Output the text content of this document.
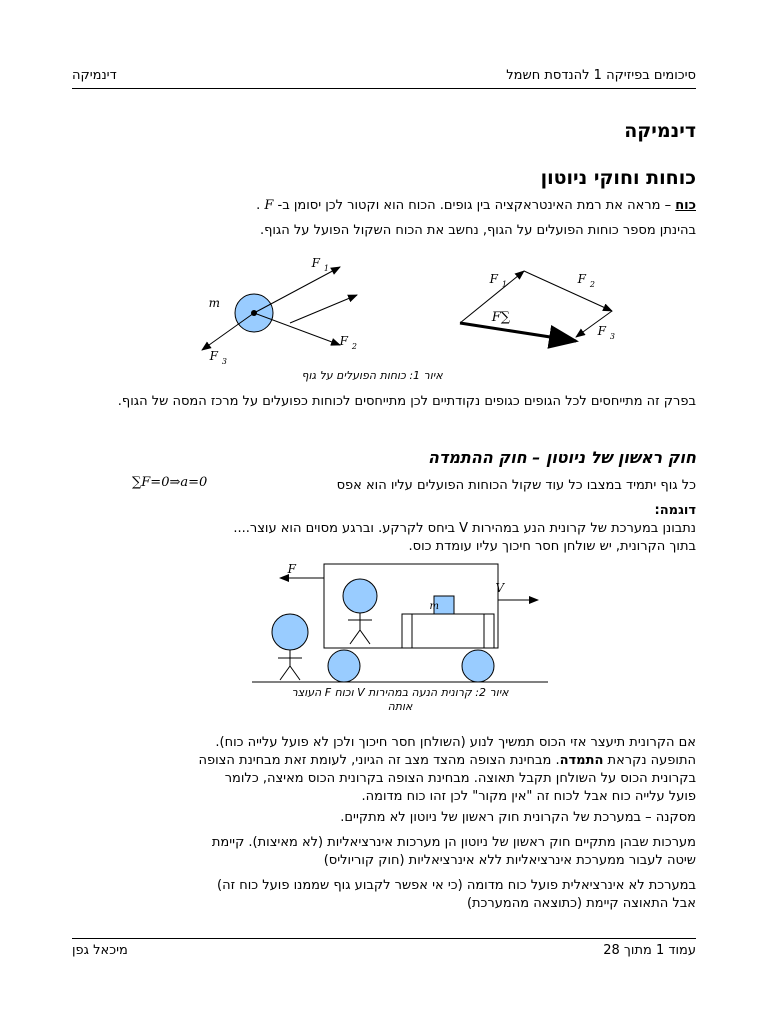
סיכומים בפיזיקה 1 להנדסת חשמל
דינמיקה
דינמיקה
כוחות וחוקי ניוטון
כוח – מראה את רמת האינטראקציה בין גופים. הכוח הוא וקטור לכן יסומן ב- F .
בהינתן מספר כוחות הפועלים על הגוף, נחשב את הכוח השקול הפועל על הגוף.
m
F 1
F 2
F 3
F 1	F 2
F 3
∑F
איור 1: כוחות הפועלים על גוף
בפרק זה מתייחסים לכל הגופים כגופים נקודתיים לכן מתייחסים לכוחות כפועלים על מרכז המסה של הגוף.
חוק ראשון של ניוטון – חוק ההתמדה
כל גוף יתמיד במצבו כל עוד שקול הכוחות הפועלים עליו הוא אפס
∑F=0⇒a=0
דוגמה:
נתבונן במערכת של קרונית הנע במהירות V ביחס לקרקע. וברגע מסוים הוא עוצר....
בתוך הקרונית, יש שולחן חסר חיכוך עליו עומדת כוס.
F
V
m
איור 2: קרונית הנעה במהירות V וכוח F העוצר
אותה
אם הקרונית תיעצר אזי הכוס תמשיך לנוע (השולחן חסר חיכוך ולכן לא פועל עלייה כוח).
התופעה נקראת התמדה. מבחינת הצופה מהצד מצב זה הגיוני, לעומת זאת מבחינת הצופה
בקרונית הכוס על השולחן תקבל תאוצה. מבחינת הצופה בקרונית הכוס מאיצה, כלומר
פועל עלייה כוח אבל לכוח זה "אין מקור" לכן זהו כוח מדומה.
מסקנה – במערכת של הקרונית חוק ראשון של ניוטון לא מתקיים.
מערכות שבהן מתקיים חוק ראשון של ניוטון הן מערכות אינרציאליות (לא מאיצות). קיימת
שיטה לעבור ממערכת אינרציאליות ללא אינרציאליות (חוק קוריוליס)
במערכת לא אינרציאלית פועל כוח מדומה (כי אי אפשר לקבוע גוף שממנו פועל כוח זה)
אבל התאוצה קיימת (כתוצאה מהמערכת)
עמוד 1 מתוך 28
מיכאל גפן
